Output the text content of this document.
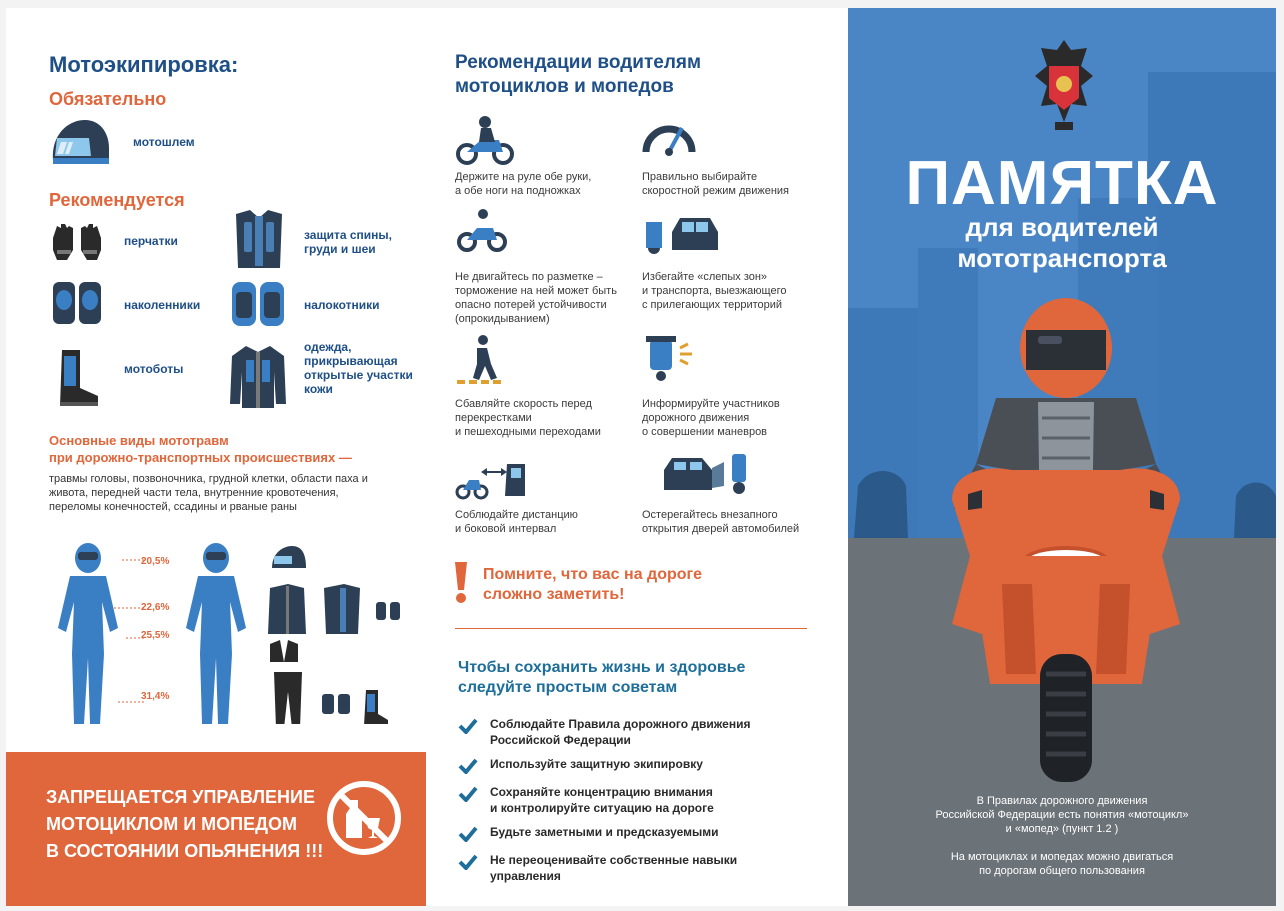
Мотоэкипировка:
Обязательно
мотошлем
Рекомендуется
перчатки	защита спины, груди и шеи
наколенники	налокотники
мотоботы
одежда, прикрывающая открытые участки кожи
Основные виды мототравм
при дорожно-транспортных происшествиях —
травмы головы, позвоночника, грудной клетки, области паха и живота, передней части тела, внутренние кровотечения, переломы конечностей, ссадины и рваные раны
20,5%
22,6%
25,5%
31,4%
ЗАПРЕЩАЕТСЯ УПРАВЛЕНИЕ
МОТОЦИКЛОМ И МОПЕДОМ
В СОСТОЯНИИ ОПЬЯНЕНИЯ !!!
Рекомендации водителям
мотоциклов и мопедов
Держите на руле обе руки,
а обе ноги на подножках
Правильно выбирайте
скоростной режим движения
Не двигайтесь по разметке –
торможение на ней может быть
опасно потерей устойчивости
(опрокидыванием)
Избегайте «слепых зон»
и транспорта, выезжающего
с прилегающих территорий
Сбавляйте скорость перед
перекрестками
и пешеходными переходами
Информируйте участников
дорожного движения
о совершении маневров
Соблюдайте дистанцию
и боковой интервал
Остерегайтесь внезапного
открытия дверей автомобилей
Помните, что вас на дороге
сложно заметить!
Чтобы сохранить жизнь и здоровье
следуйте простым советам
Соблюдайте Правила дорожного движения
Российской Федерации
Используйте защитную экипировку
Сохраняйте концентрацию внимания
и контролируйте ситуацию на дороге
Будьте заметными и предсказуемыми
Не переоценивайте собственные навыки
управления
ПАМЯТКА
для водителей
мототранспорта
В Правилах дорожного движения
Российской Федерации есть понятия «мотоцикл»
и «мопед» (пункт 1.2 )
На мотоциклах и мопедах можно двигаться
по дорогам общего пользования
